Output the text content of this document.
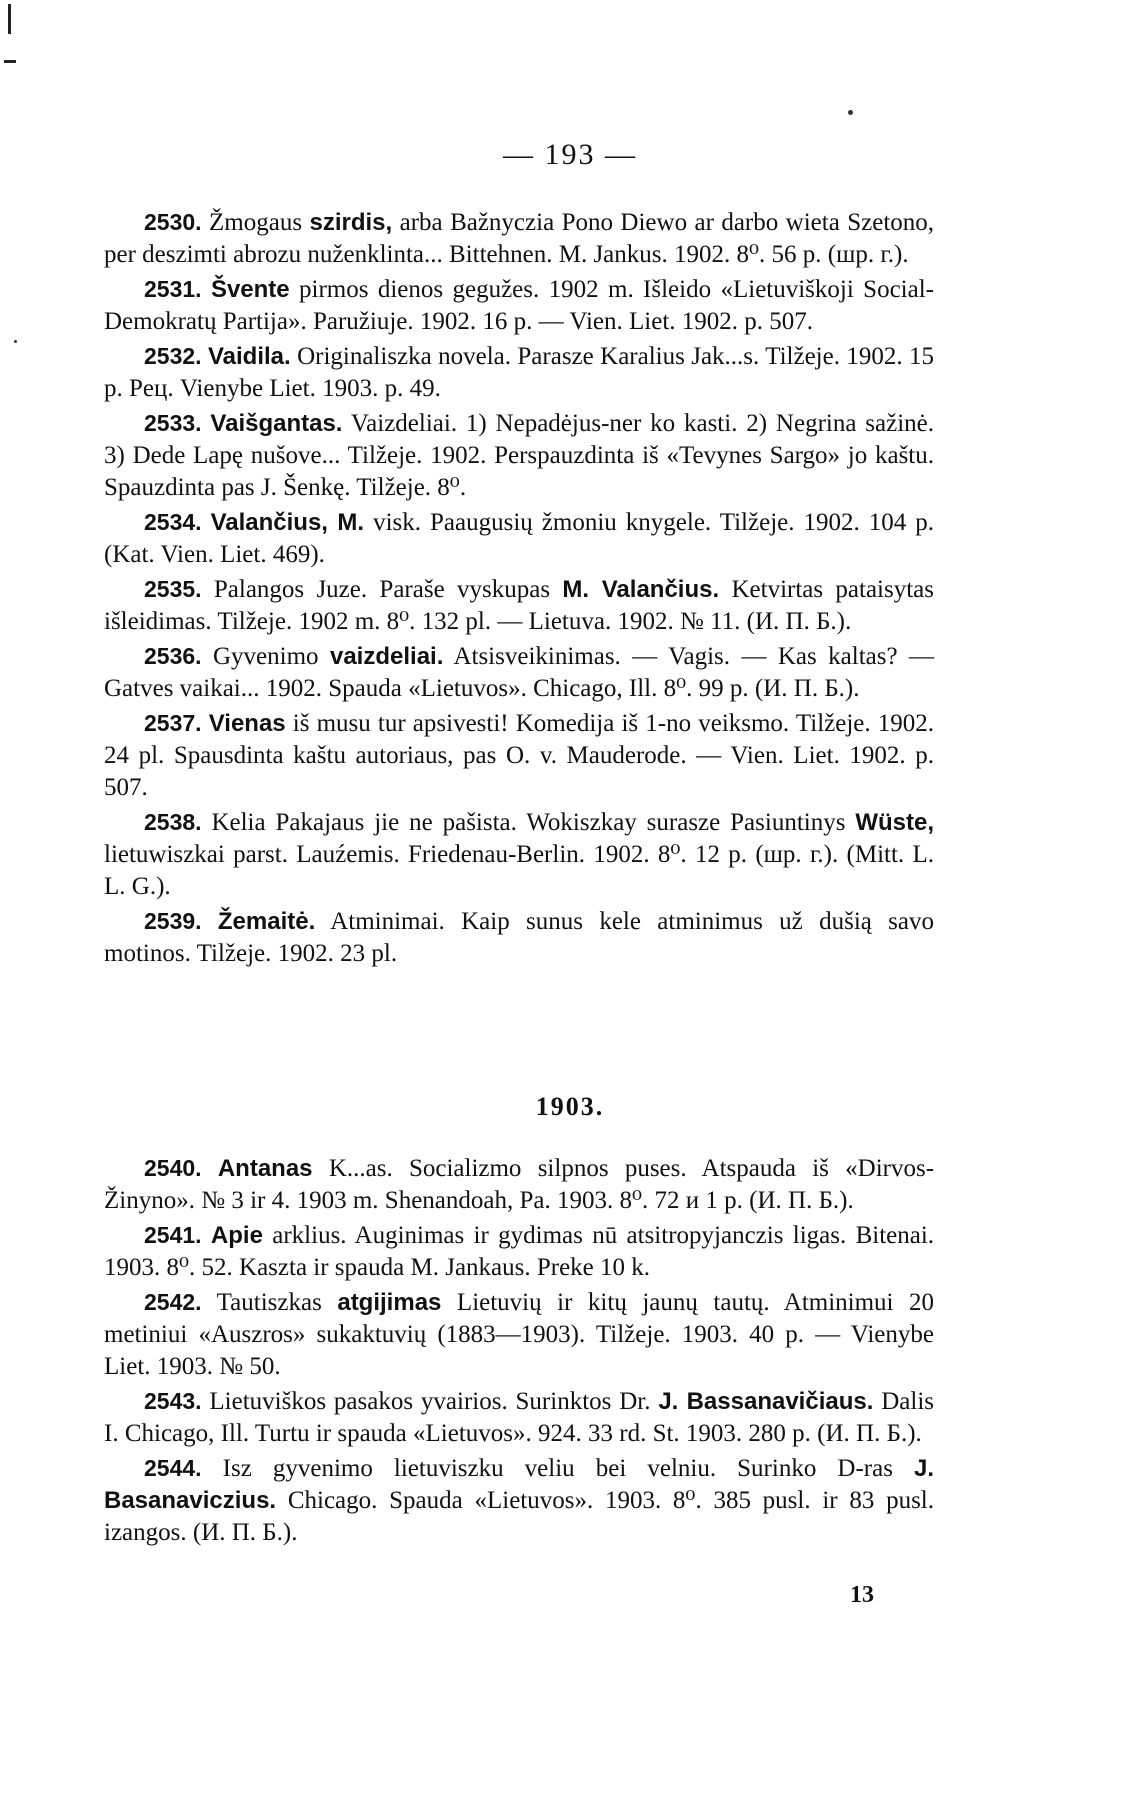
— 193 —

2530. Žmogaus szirdis, arba Bažnyczia Pono Diewo ar darbo wieta Szetono, per deszimti abrozu nuženklinta... Bittehnen. M. Jankus. 1902. 8⁰. 56 p. (шр. г.).

2531. Švente pirmos dienos gegužes. 1902 m. Išleido «Lietuviškoji Social-Demokratų Partija». Paružiuje. 1902. 16 p. — Vien. Liet. 1902. p. 507.

2532. Vaidila. Originaliszka novela. Parasze Karalius Jak...s. Tilžeje. 1902. 15 p. Peц. Vienybe Liet. 1903. p. 49.

2533. Vaišgantas. Vaizdeliai. 1) Nepadėjus-ner ko kasti. 2) Negrina sažinė. 3) Dede Lapę nušove... Tilžeje. 1902. Perspauzdinta iš «Tevynes Sargo» jo kaštu. Spauzdinta pas J. Šenkę. Tilžeje. 8⁰.

2534. Valančius, M. visk. Paaugusių žmoniu knygele. Tilžeje. 1902. 104 p. (Kat. Vien. Liet. 469).

2535. Palangos Juze. Paraše vyskupas M. Valančius. Ketvirtas pataisytas išleidimas. Tilžeje. 1902 m. 8⁰. 132 pl. — Lietuva. 1902. № 11. (И. П. Б.).

2536. Gyvenimo vaizdeliai. Atsisveikinimas. — Vagis. — Kas kaltas? — Gatves vaikai... 1902. Spauda «Lietuvos». Chicago, Ill. 8⁰. 99 p. (И. П. Б.).

2537. Vienas iš musu tur apsivesti! Komedija iš 1-no veiksmo. Tilžeje. 1902. 24 pl. Spausdinta kaštu autoriaus, pas O. v. Mauderode. — Vien. Liet. 1902. p. 507.

2538. Kelia Pakajaus jie ne pašista. Wokiszkay surasze Pasiuntinys Wüste, lietuwiszkai parst. Lauźemis. Friedenau-Berlin. 1902. 8⁰. 12 p. (шр. г.). (Mitt. L. L. G.).

2539. Žemaitė. Atminimai. Kaip sunus kele atminimus už dušią savo motinos. Tilžeje. 1902. 23 pl.

1903.

2540. Antanas K...as. Socializmo silpnos puses. Atspauda iš «Dirvos-Žinyno». № 3 ir 4. 1903 m. Shenandoah, Pa. 1903. 8⁰. 72 и 1 p. (И. П. Б.).

2541. Apie arklius. Auginimas ir gydimas nū atsitropyjanczis ligas. Bitenai. 1903. 8⁰. 52. Kaszta ir spauda M. Jankaus. Preke 10 k.

2542. Tautiszkas atgijimas Lietuvių ir kitų jaunų tautų. Atminimui 20 metiniui «Auszros» sukaktuvių (1883—1903). Tilžeje. 1903. 40 p. — Vienybe Liet. 1903. № 50.

2543. Lietuviškos pasakos yvairios. Surinktos Dr. J. Bassanavičiaus. Dalis I. Chicago, Ill. Turtu ir spauda «Lietuvos». 924. 33 rd. St. 1903. 280 p. (И. П. Б.).

2544. Isz gyvenimo lietuviszku veliu bei velniu. Surinko D-ras J. Basanaviczius. Chicago. Spauda «Lietuvos». 1903. 8⁰. 385 pusl. ir 83 pusl. izangos. (И. П. Б.).

13
